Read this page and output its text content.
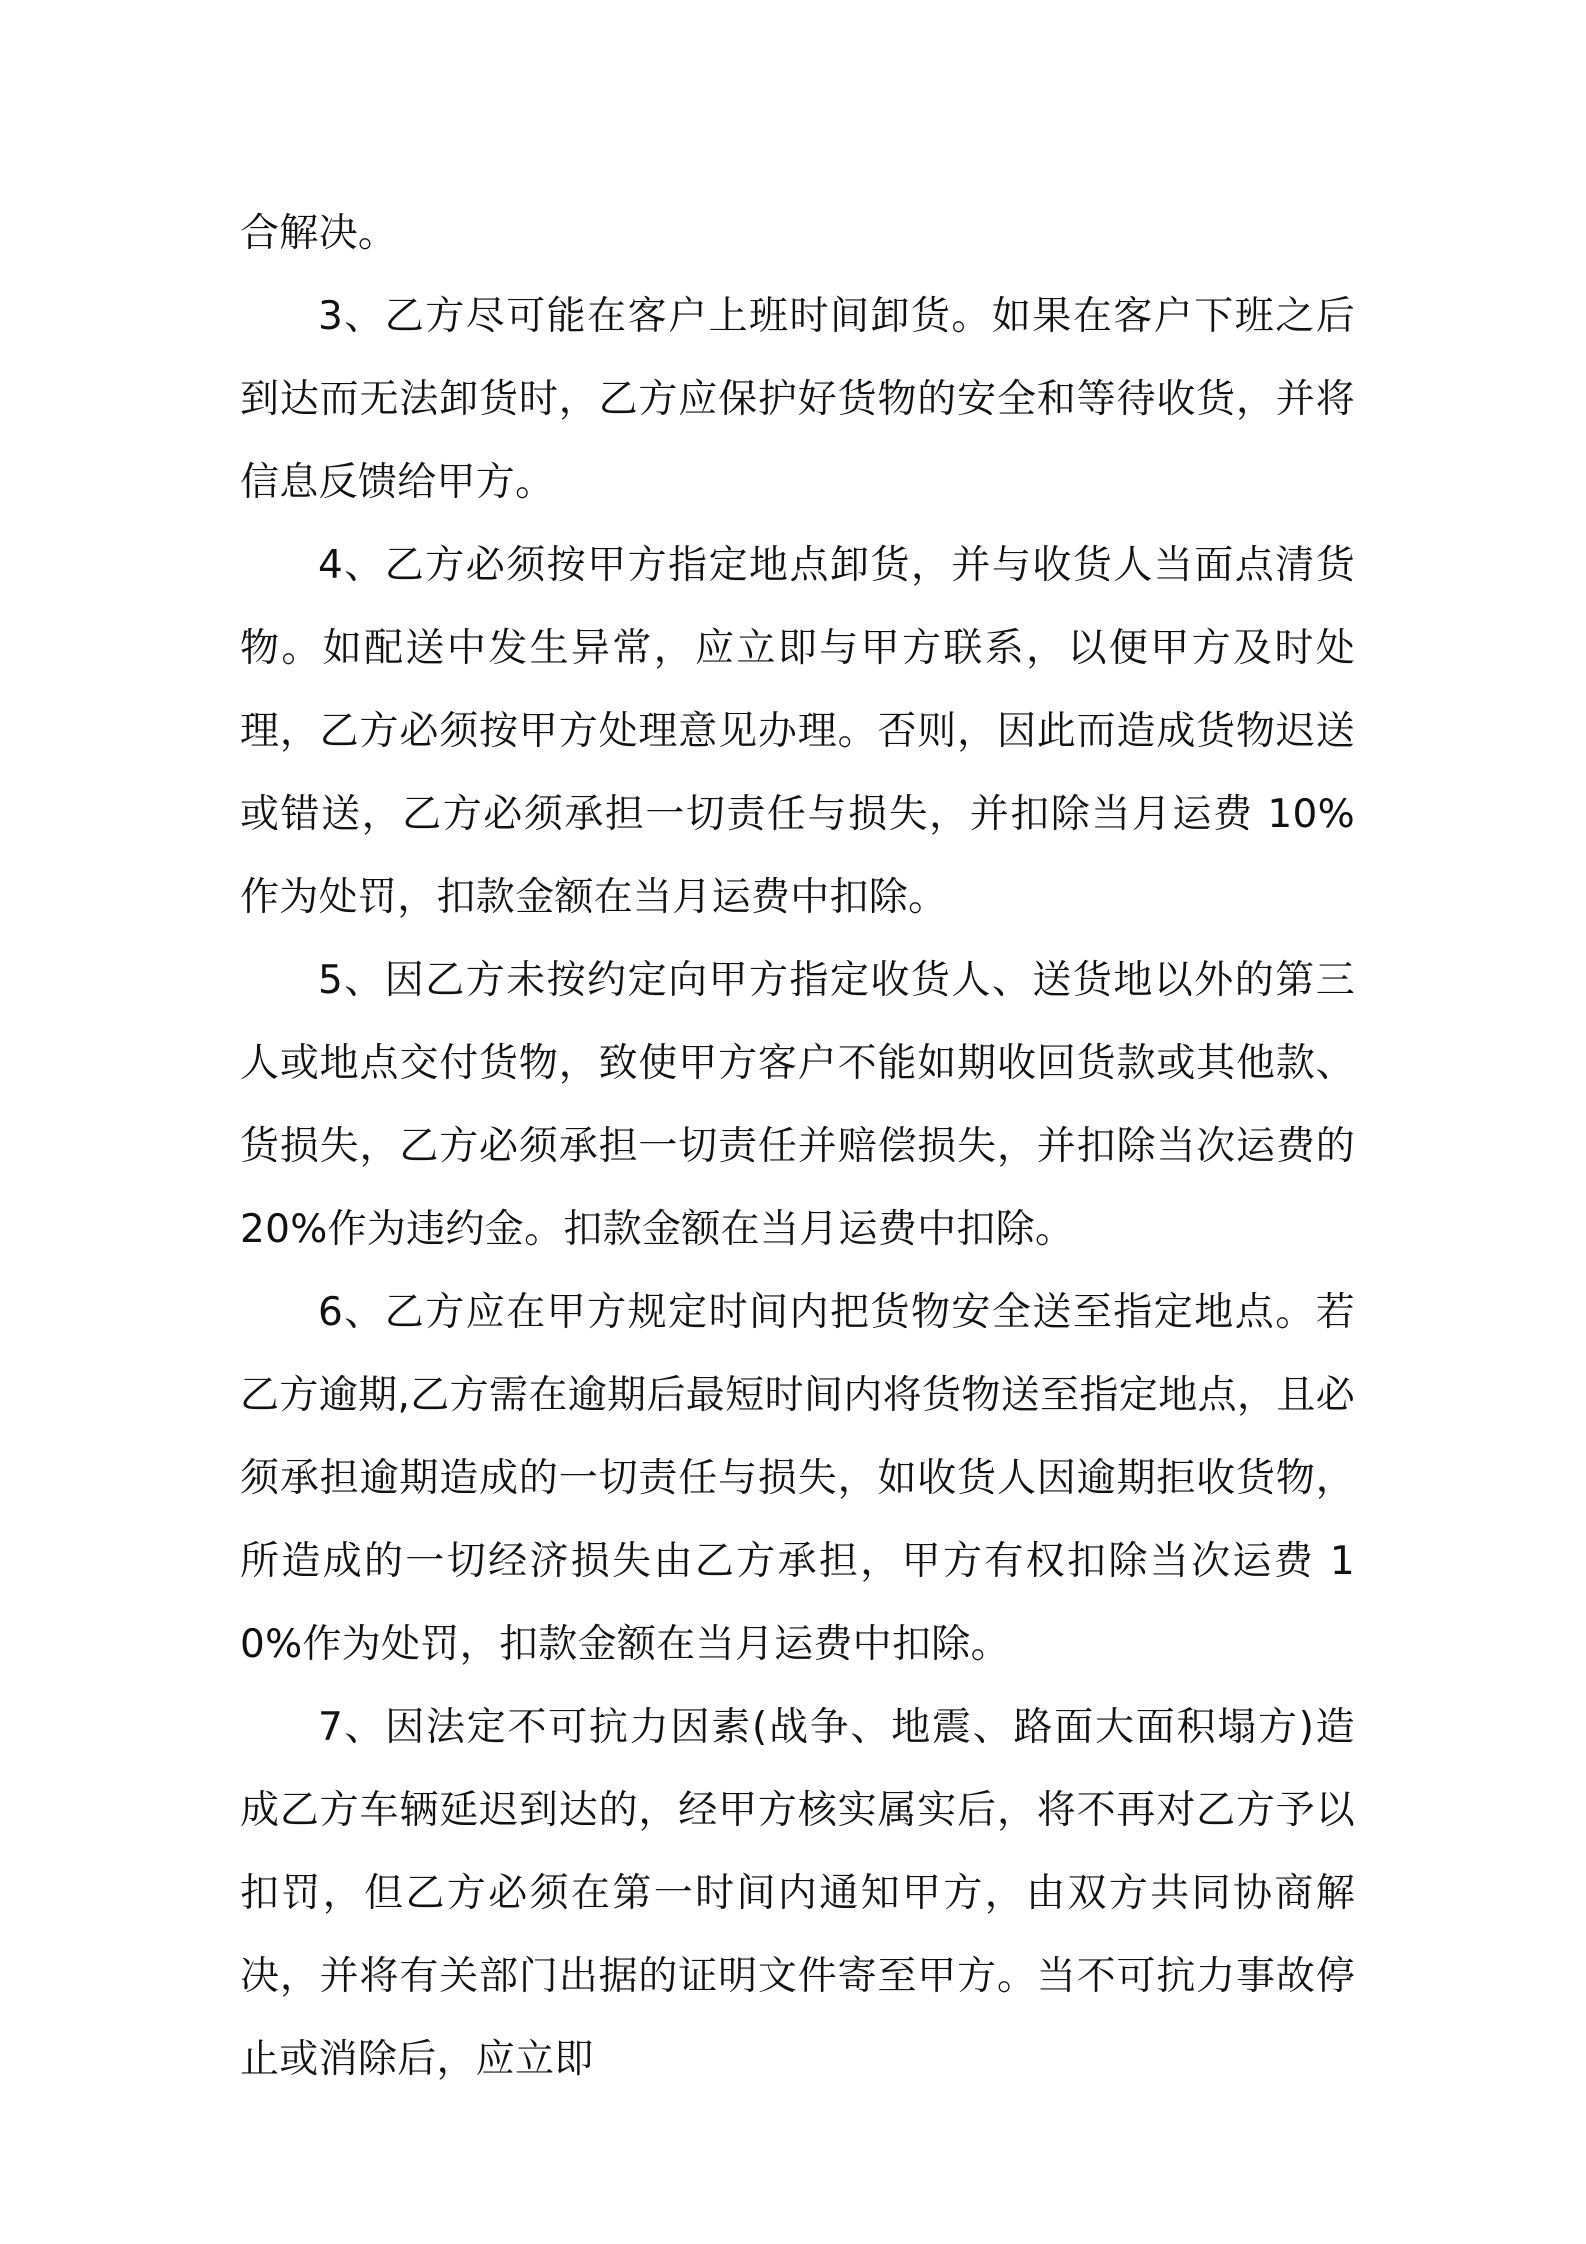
合解决。

3、乙方尽可能在客户上班时间卸货。如果在客户下班之后到达而无法卸货时，乙方应保护好货物的安全和等待收货，并将信息反馈给甲方。

4、乙方必须按甲方指定地点卸货，并与收货人当面点清货物。如配送中发生异常，应立即与甲方联系，以便甲方及时处理，乙方必须按甲方处理意见办理。否则，因此而造成货物迟送或错送，乙方必须承担一切责任与损失，并扣除当月运费 10%作为处罚，扣款金额在当月运费中扣除。

5、因乙方未按约定向甲方指定收货人、送货地以外的第三人或地点交付货物，致使甲方客户不能如期收回货款或其他款、货损失，乙方必须承担一切责任并赔偿损失，并扣除当次运费的 20%作为违约金。扣款金额在当月运费中扣除。

6、乙方应在甲方规定时间内把货物安全送至指定地点。若乙方逾期,乙方需在逾期后最短时间内将货物送至指定地点，且必须承担逾期造成的一切责任与损失，如收货人因逾期拒收货物，所造成的一切经济损失由乙方承担，甲方有权扣除当次运费 10%作为处罚，扣款金额在当月运费中扣除。

7、因法定不可抗力因素(战争、地震、路面大面积塌方)造成乙方车辆延迟到达的，经甲方核实属实后，将不再对乙方予以扣罚，但乙方必须在第一时间内通知甲方，由双方共同协商解决，并将有关部门出据的证明文件寄至甲方。当不可抗力事故停止或消除后，应立即
